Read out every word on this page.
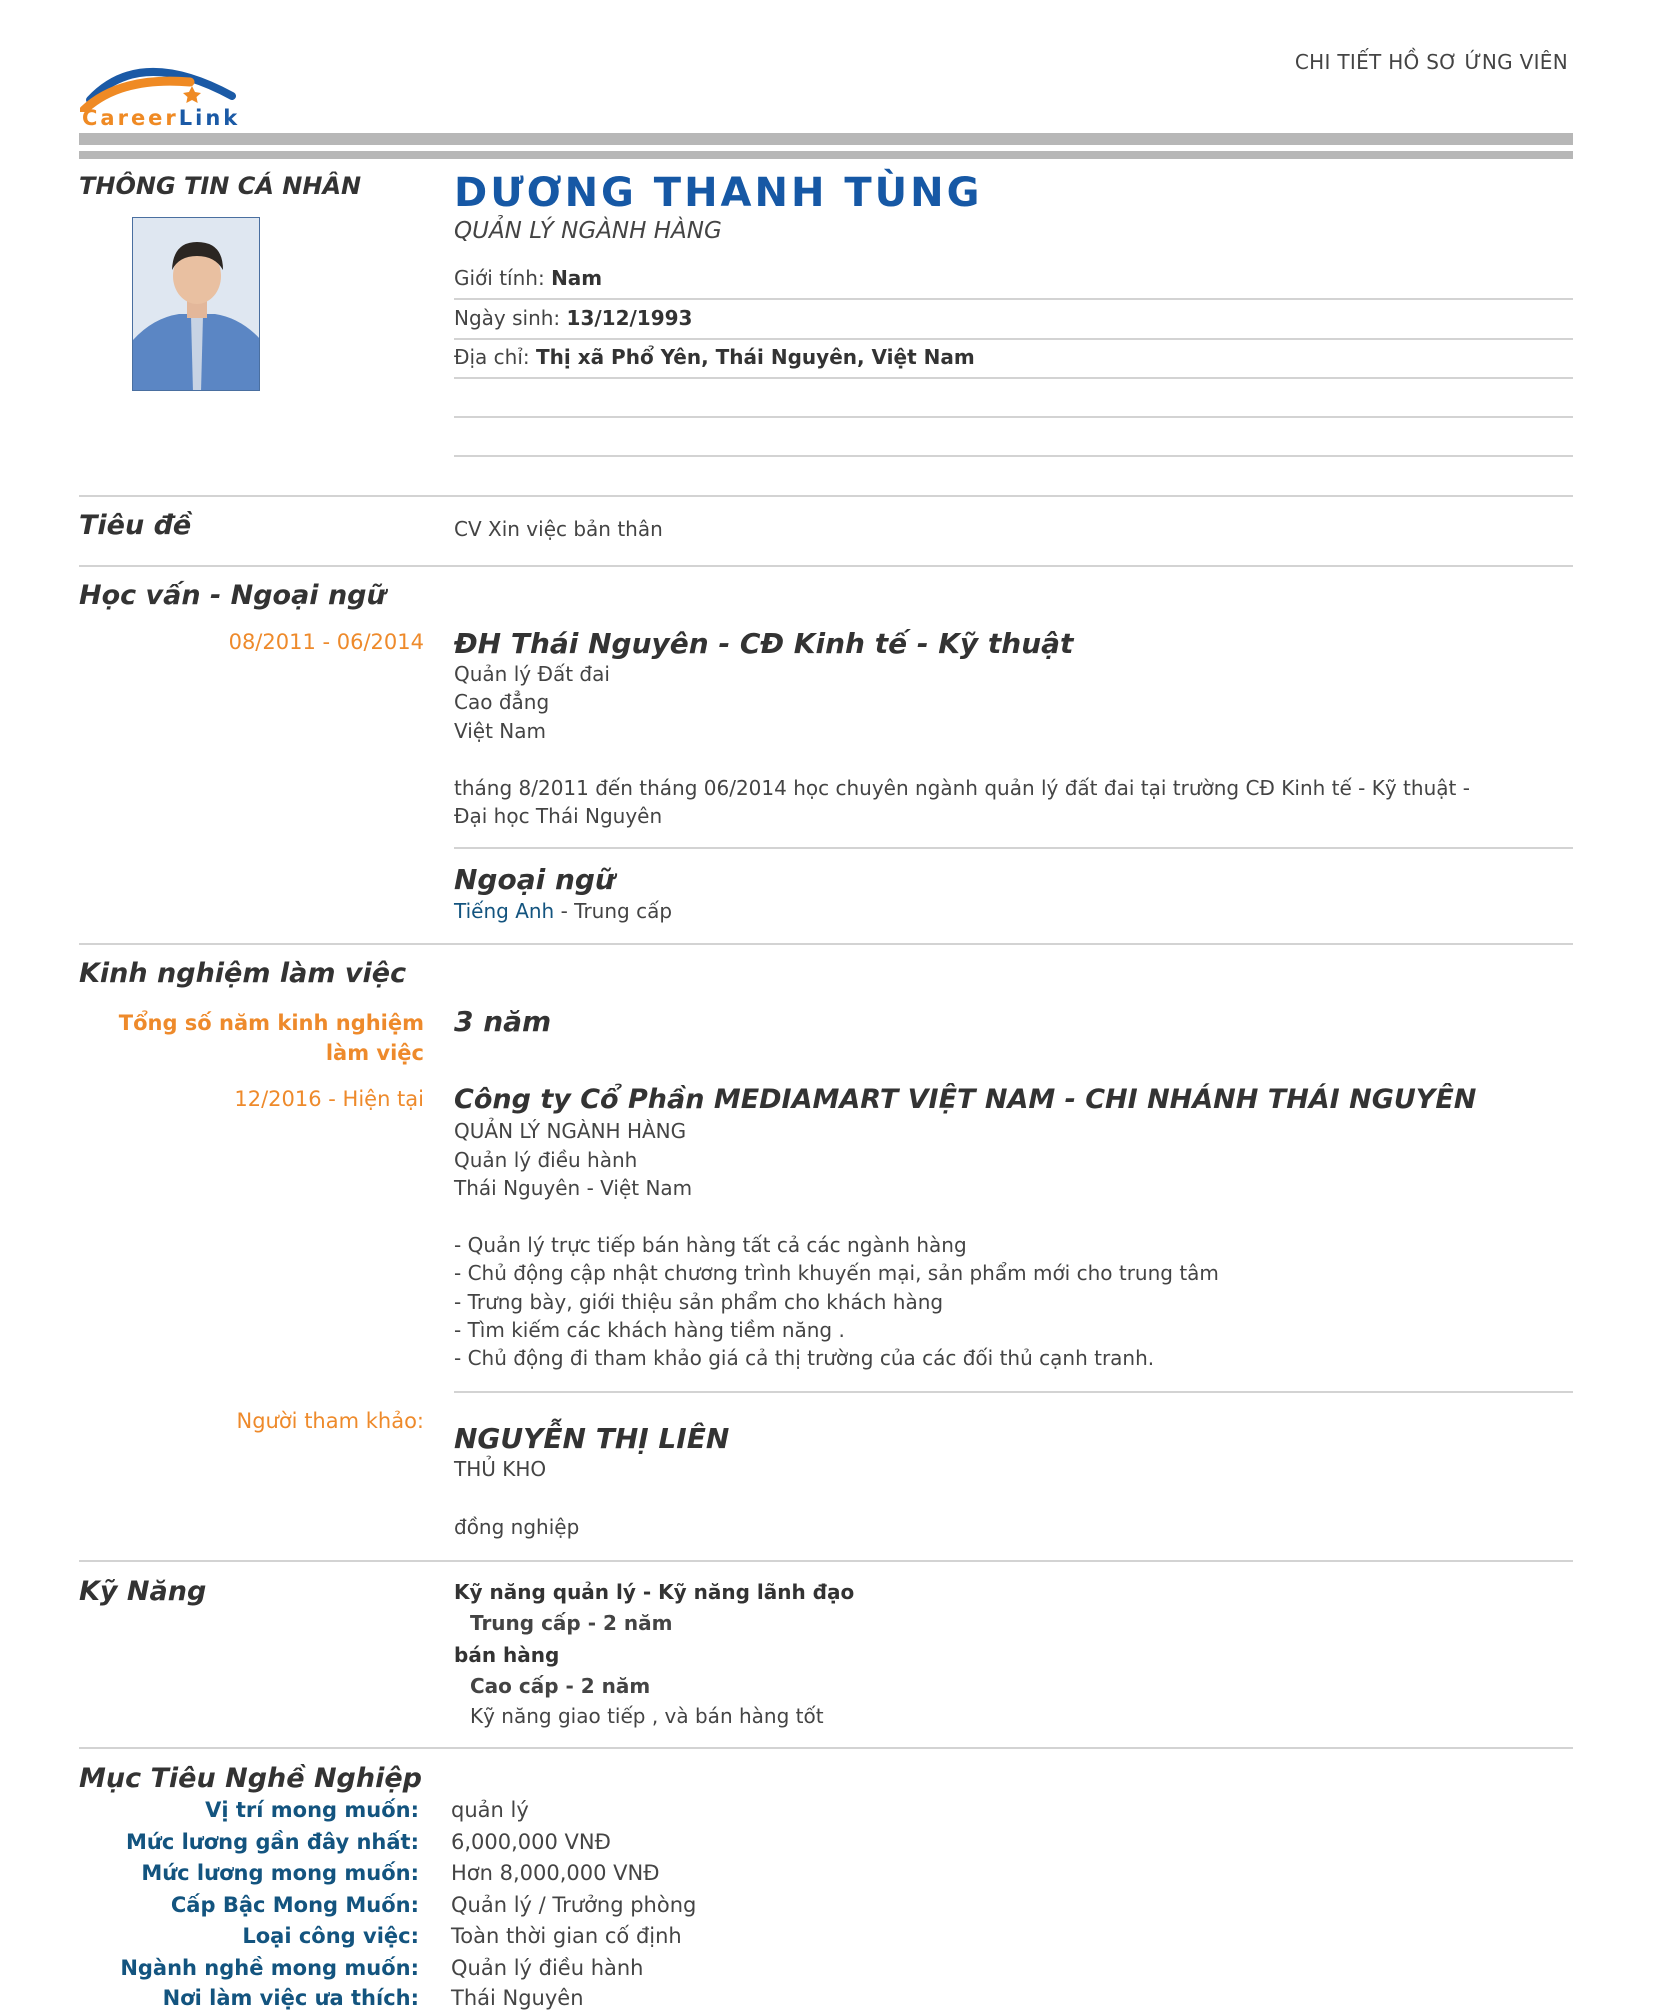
CareerLink
CHI TIẾT HỒ SƠ ỨNG VIÊN
THÔNG TIN CÁ NHÂN DƯƠNG THANH TÙNG
QUẢN LÝ NGÀNH HÀNG
Giới tính: Nam
Ngày sinh: 13/12/1993
Địa chỉ: Thị xã Phổ Yên, Thái Nguyên, Việt Nam
Tiêu đề	CV Xin việc bản thân
Học vấn - Ngoại ngữ
08/2011 - 06/2014 ĐH Thái Nguyên - CĐ Kinh tế - Kỹ thuật
Quản lý Đất đai
Cao đẳng
Việt Nam
tháng 8/2011 đến tháng 06/2014 học chuyên ngành quản lý đất đai tại trường CĐ Kinh tế - Kỹ thuật -
Đại học Thái Nguyên
Ngoại ngữ
Tiếng Anh - Trung cấp
Kinh nghiệm làm việc
Tổng số năm kinh nghiệm
làm việc
3 năm
12/2016 - Hiện tại Công ty Cổ Phần MEDIAMART VIỆT NAM - CHI NHÁNH THÁI NGUYÊN
QUẢN LÝ NGÀNH HÀNG
Quản lý điều hành
Thái Nguyên - Việt Nam
- Quản lý trực tiếp bán hàng tất cả các ngành hàng
- Chủ động cập nhật chương trình khuyến mại, sản phẩm mới cho trung tâm
- Trưng bày, giới thiệu sản phẩm cho khách hàng
- Tìm kiếm các khách hàng tiềm năng .
- Chủ động đi tham khảo giá cả thị trường của các đối thủ cạnh tranh.
Người tham khảo:
NGUYỄN THỊ LIÊN
THỦ KHO
đồng nghiệp
Kỹ Năng	Kỹ năng quản lý - Kỹ năng lãnh đạo
Trung cấp - 2 năm
bán hàng
Cao cấp - 2 năm
Kỹ năng giao tiếp , và bán hàng tốt
Mục Tiêu Nghề Nghiệp
Vị trí mong muốn: quản lý
Mức lương gần đây nhất: 6,000,000 VNĐ
Mức lương mong muốn: Hơn 8,000,000 VNĐ
Cấp Bậc Mong Muốn: Quản lý / Trưởng phòng
Loại công việc: Toàn thời gian cố định
Ngành nghề mong muốn: Quản lý điều hành
Nơi làm việc ưa thích: Thái Nguyên
